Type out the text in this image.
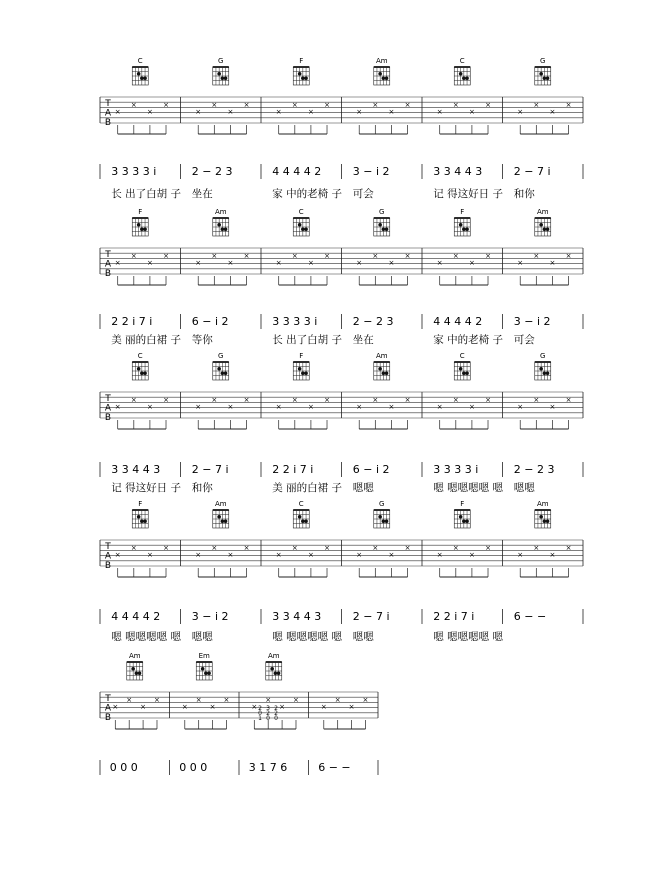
T
A
B
C
×
×
×
×
3 3 3 3 i
长 出了白胡 子
G
×
×
×
×
2 − 2 3
坐在
F
×
×
×
×
4 4 4 4 2
家 中的老椅 子
Am
×
×
×
×
3 − i 2
可会
C
×
×
×
×
3 3 4 4 3
记 得这好日 子
G
×
×
×
×
2 − 7 i
和你
T
A
B
F
×
×
×
×
2 2 i 7 i
美 丽的白裙 子
Am
×
×
×
×
6 − i 2
等你
C
×
×
×
×
3 3 3 3 i
长 出了白胡 子
G
×
×
×
×
2 − 2 3
坐在
F
×
×
×
×
4 4 4 4 2
家 中的老椅 子
Am
×
×
×
×
3 − i 2
可会
T
A
B
C
×
×
×
×
3 3 4 4 3
记 得这好日 子
G
×
×
×
×
2 − 7 i
和你
F
×
×
×
×
2 2 i 7 i
美 丽的白裙 子
Am
×
×
×
×
6 − i 2
嗯嗯
C
×
×
×
×
3 3 3 3 i
嗯 嗯嗯嗯嗯 嗯
G
×
×
×
×
2 − 2 3
嗯嗯
T
A
B
F
×
×
×
×
4 4 4 4 2
嗯 嗯嗯嗯嗯 嗯
Am
×
×
×
×
3 − i 2
嗯嗯
C
×
×
×
×
3 3 4 4 3
嗯 嗯嗯嗯嗯 嗯
G
×
×
×
×
2 − 7 i
嗯嗯
F
×
×
×
×
2 2 i 7 i
嗯 嗯嗯嗯嗯 嗯
Am
×
×
×
×
6 − −
T
A
B
Am
×
×
×
×
0 0 0
Em
×
×
×
×
0 0 0
Am
×
×
×
×
3 1 7 6
×
×
×
×
6 − −
2 3 2
0 2 2
1 0 0
